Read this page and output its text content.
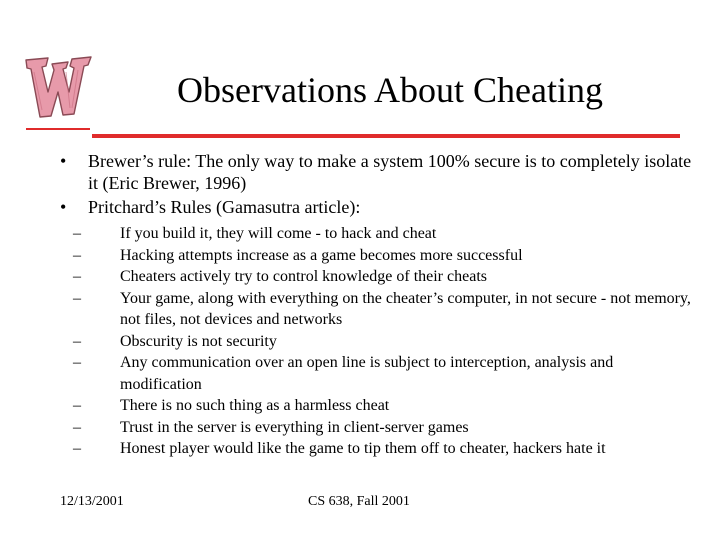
Observations About Cheating
• Brewer’s rule: The only way to make a system 100% secure is to completely isolate it (Eric Brewer, 1996)
• Pritchard’s Rules (Gamasutra article):
– If you build it, they will come - to hack and cheat
– Hacking attempts increase as a game becomes more successful
– Cheaters actively try to control knowledge of their cheats
– Your game, along with everything on the cheater’s computer, in not secure - not memory, not files, not devices and networks
– Obscurity is not security
– Any communication over an open line is subject to interception, analysis and modification
– There is no such thing as a harmless cheat
– Trust in the server is everything in client-server games
– Honest player would like the game to tip them off to cheater, hackers hate it
12/13/2001	CS 638, Fall 2001
